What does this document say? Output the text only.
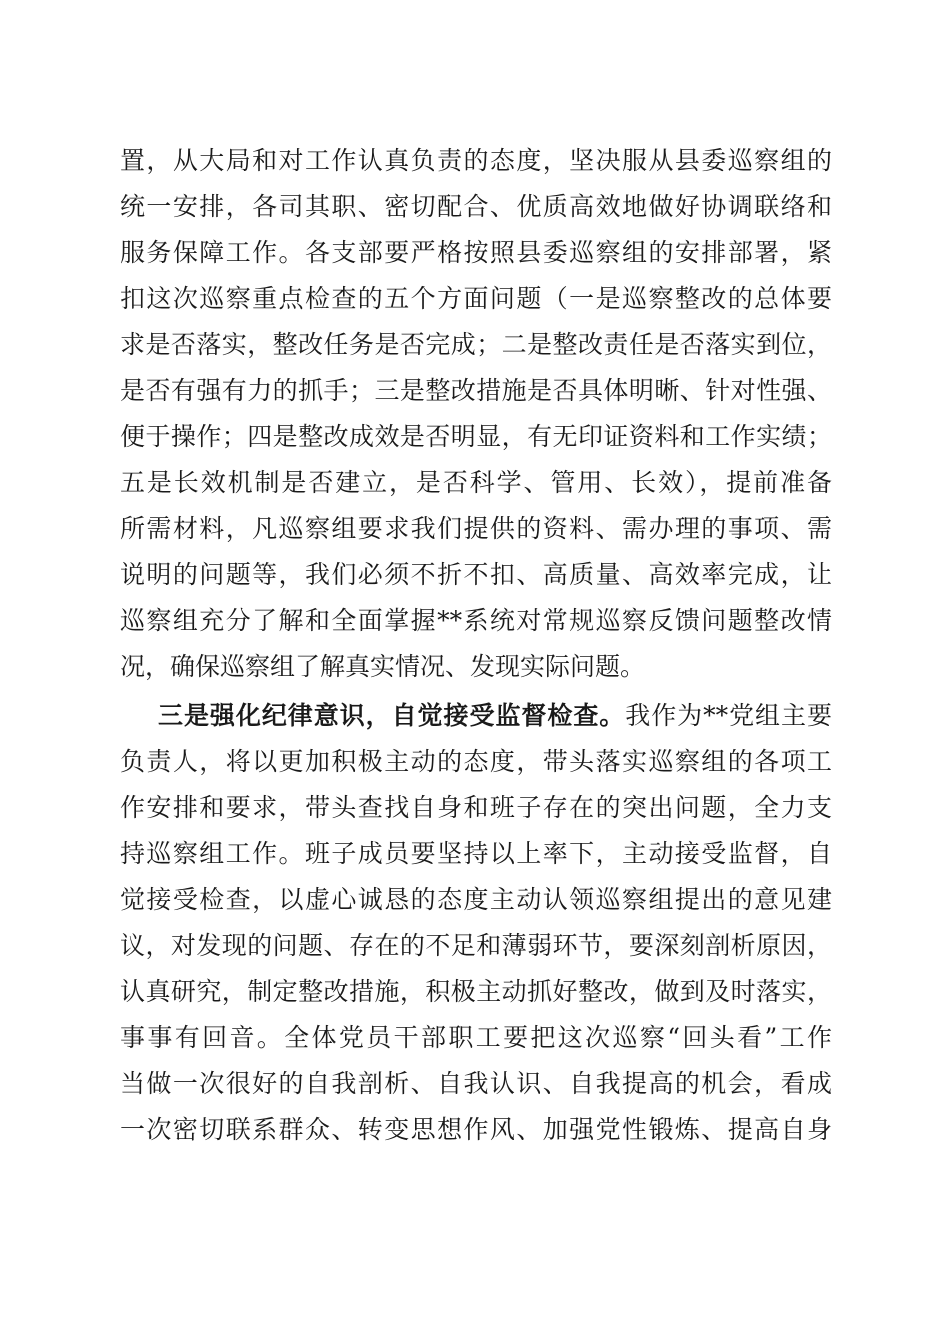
置，从大局和对工作认真负责的态度，坚决服从县委巡察组的
统一安排，各司其职、密切配合、优质高效地做好协调联络和
服务保障工作。各支部要严格按照县委巡察组的安排部署，紧
扣这次巡察重点检查的五个方面问题（一是巡察整改的总体要
求是否落实，整改任务是否完成；二是整改责任是否落实到位，
是否有强有力的抓手；三是整改措施是否具体明晰、针对性强、
便于操作；四是整改成效是否明显，有无印证资料和工作实绩；
五是长效机制是否建立，是否科学、管用、长效），提前准备
所需材料，凡巡察组要求我们提供的资料、需办理的事项、需
说明的问题等，我们必须不折不扣、高质量、高效率完成，让
巡察组充分了解和全面掌握**系统对常规巡察反馈问题整改情
况，确保巡察组了解真实情况、发现实际问题。
三是强化纪律意识，自觉接受监督检查。我作为**党组主要
负责人，将以更加积极主动的态度，带头落实巡察组的各项工
作安排和要求，带头查找自身和班子存在的突出问题，全力支
持巡察组工作。班子成员要坚持以上率下，主动接受监督，自
觉接受检查，以虚心诚恳的态度主动认领巡察组提出的意见建
议，对发现的问题、存在的不足和薄弱环节，要深刻剖析原因，
认真研究，制定整改措施，积极主动抓好整改，做到及时落实，
事事有回音。全体党员干部职工要把这次巡察“回头看”工作
当做一次很好的自我剖析、自我认识、自我提高的机会，看成
一次密切联系群众、转变思想作风、加强党性锻炼、提高自身
